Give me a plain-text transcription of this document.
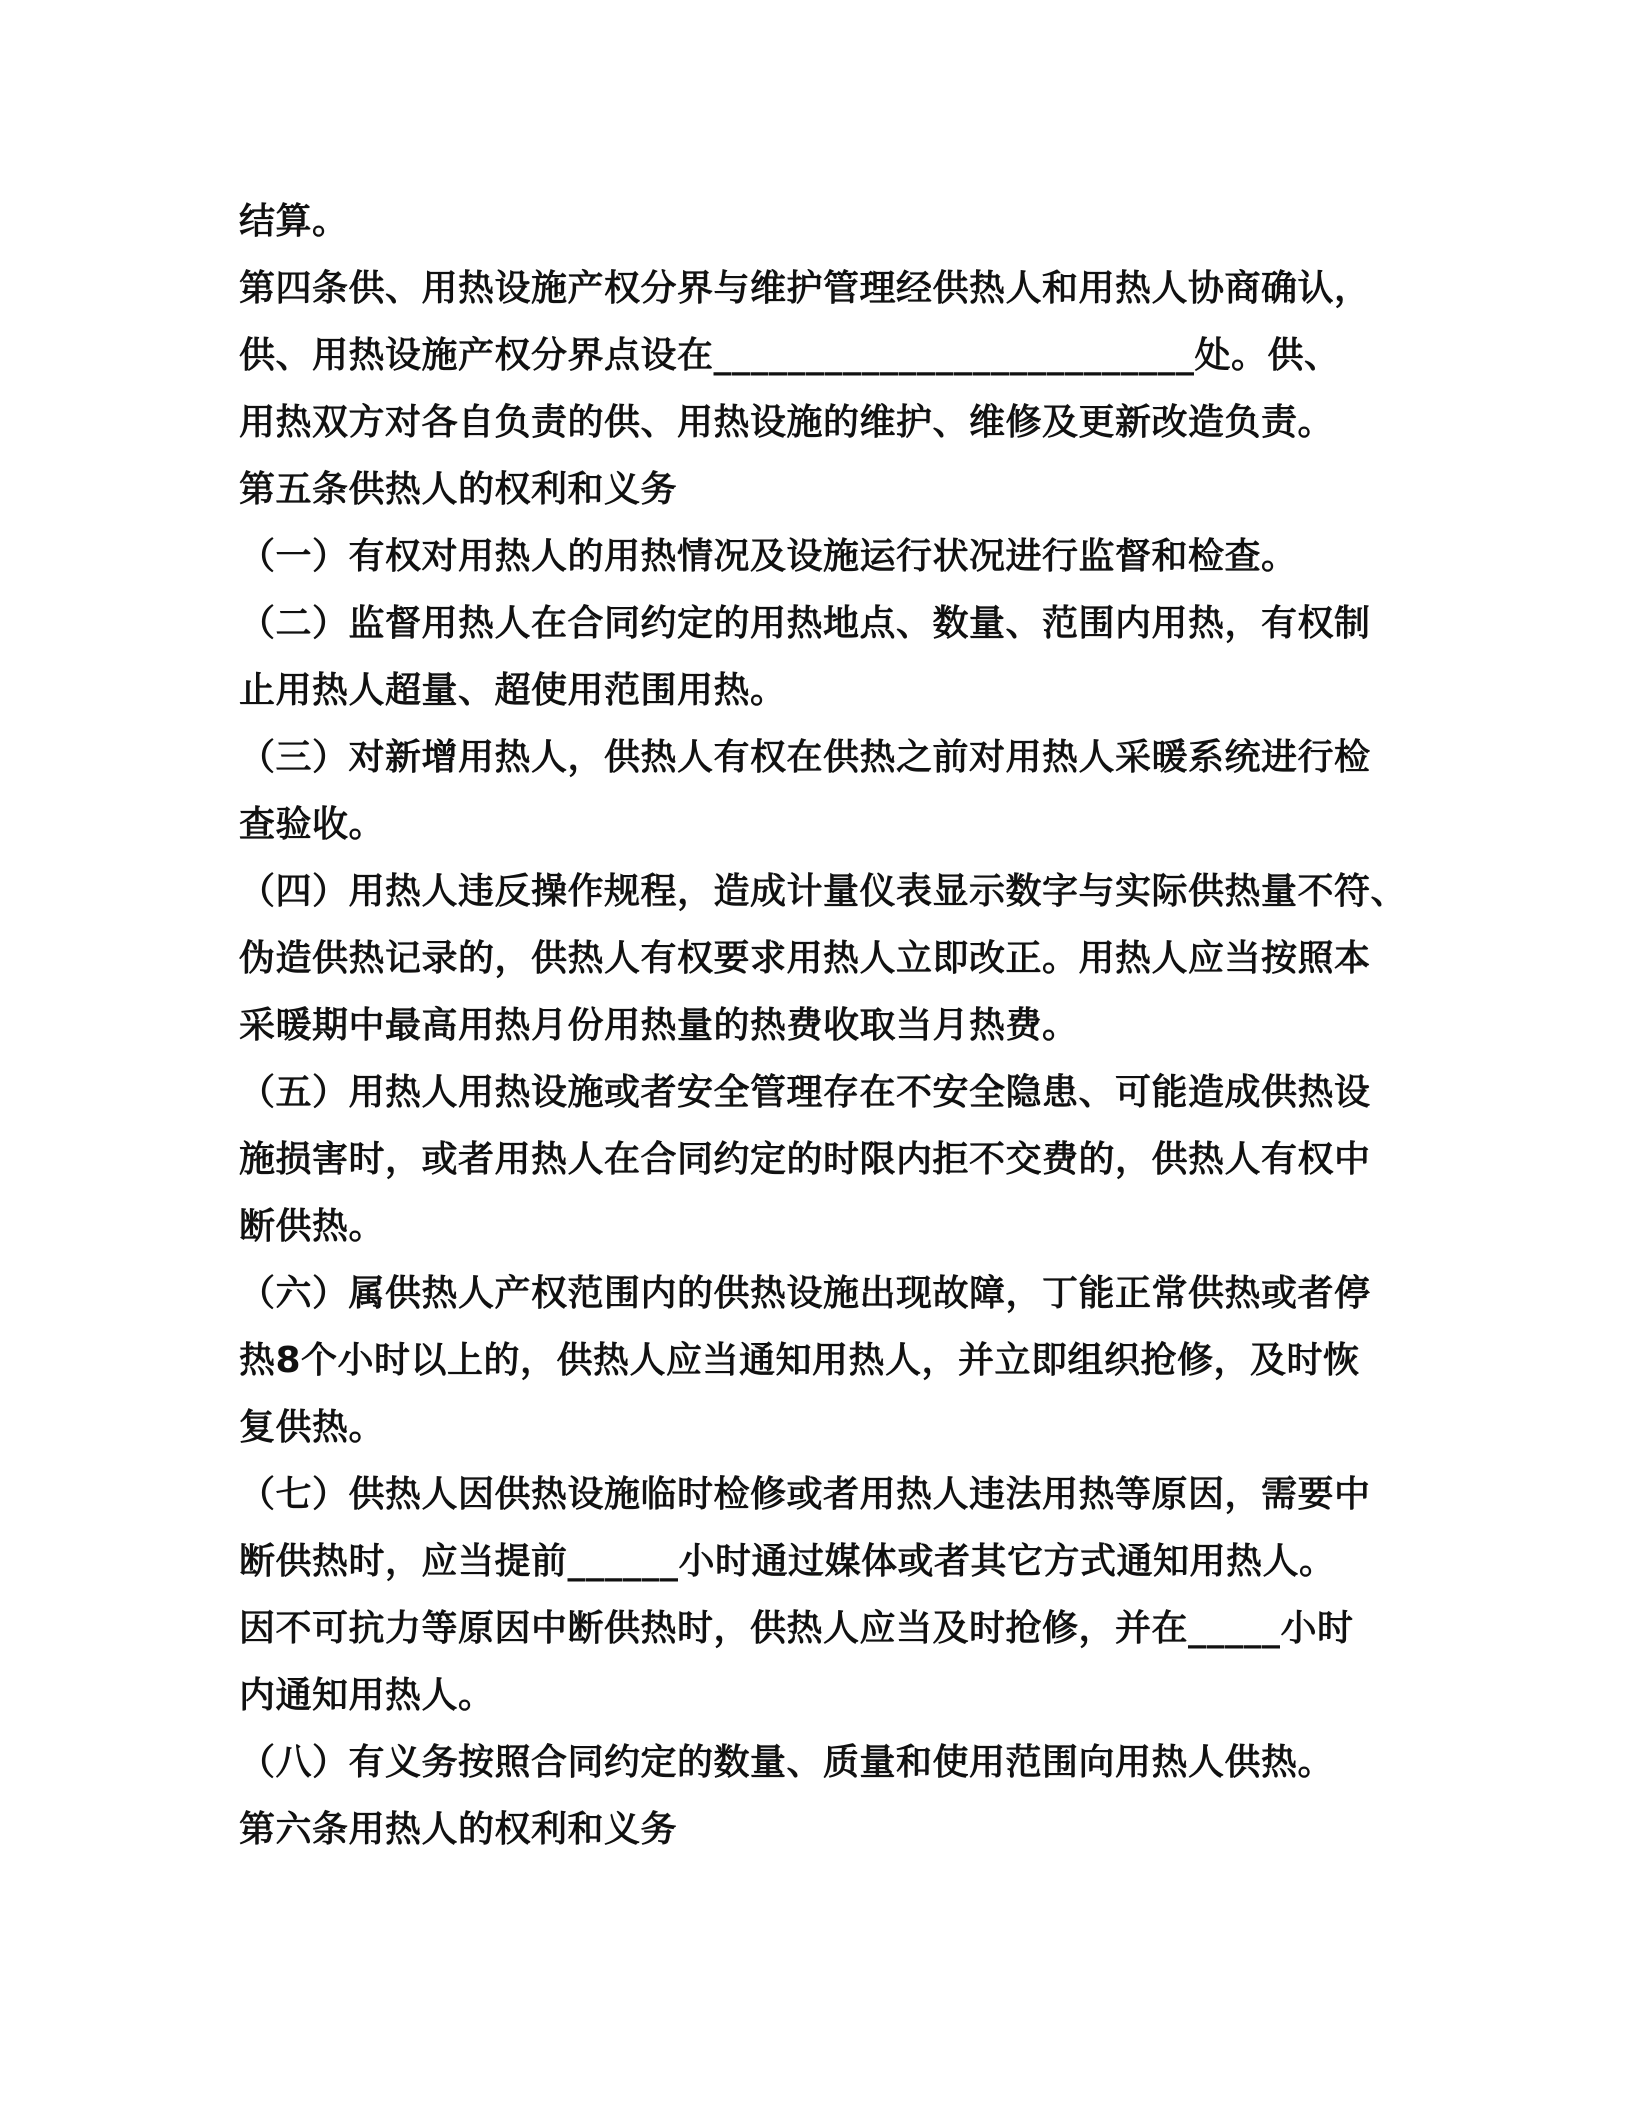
结算。
第四条供、用热设施产权分界与维护管理经供热人和用热人协商确认，
供、用热设施产权分界点设在__________________________处。供、
用热双方对各自负责的供、用热设施的维护、维修及更新改造负责。
第五条供热人的权利和义务
（一）有权对用热人的用热情况及设施运行状况进行监督和检查。
（二）监督用热人在合同约定的用热地点、数量、范围内用热，有权制
止用热人超量、超使用范围用热。
（三）对新增用热人，供热人有权在供热之前对用热人采暖系统进行检
查验收。
（四）用热人违反操作规程，造成计量仪表显示数字与实际供热量不符、
伪造供热记录的，供热人有权要求用热人立即改正。用热人应当按照本
采暖期中最高用热月份用热量的热费收取当月热费。
（五）用热人用热设施或者安全管理存在不安全隐患、可能造成供热设
施损害时，或者用热人在合同约定的时限内拒不交费的，供热人有权中
断供热。
（六）属供热人产权范围内的供热设施出现故障，丁能正常供热或者停
热8个小时以上的，供热人应当通知用热人，并立即组织抢修，及时恢
复供热。
（七）供热人因供热设施临时检修或者用热人违法用热等原因，需要中
断供热时，应当提前______小时通过媒体或者其它方式通知用热人。
因不可抗力等原因中断供热时，供热人应当及时抢修，并在_____小时
内通知用热人。
（八）有义务按照合同约定的数量、质量和使用范围向用热人供热。
第六条用热人的权利和义务
